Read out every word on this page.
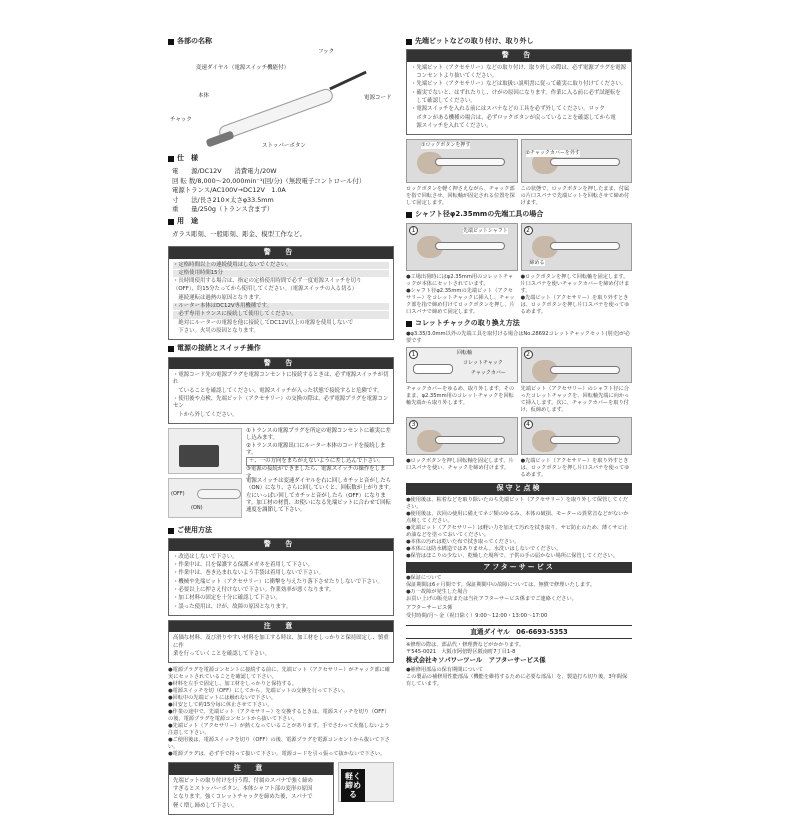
各部の名称
フック
変速ダイヤル（電源スイッチ機能付）
本体	電源コード
チャック
ストッパーボタン
仕　様
電　　源/DC12V　　消費電力/20W
回 転 数/8,000〜20,000min⁻¹(回/分)（無段電子コントロール付）
電源トランス/AC100V→DC12V　1.0A
寸　　法/長さ210×太さφ33.5mm
重　　量/250g（トランス含まず）
用　途
ガラス彫刻、一般彫刻、彫金、模型工作など。
警 告
・定格時間以上の連続使用はしないでください。
　定格使用時間15分
・長時間使用する場合は、指定の定格使用時間で必ず一度電源スイッチを切り
（OFF）、約15分たってから使用してください。（電源スイッチの入る切る）
　連続運転は過熱の原因となります。
・ルーター本体はDC12V専用機種です。
　必ず専用トランスに接続して使用してください。
　絶対にルーターの電源を他に接続してDC12V以上の電源を使用しないで
　下さい。火災の原因となります。
電源の接続とスイッチ操作
警 告
・電源コード先の電源プラグを電源コンセントに接続するときは、必ず電源スイッチが切れ
　ていることを確認してください。電源スイッチが入った状態で接続すると危険です。
・使用後や点検、先端ビット（アクセサリー）の交換の際は、必ず電源プラグを電源コンセン
　トから外してください。
①トランスの電源プラグを所定の電源コンセントに確実に差し込みます。
②トランスの電源出口にルーター本体のコードを接続します。
＋、一の方向をまちがえないように差し込んで下さい。
③電源の接続ができましたら、電源スイッチの操作をします。
(OFF)
(ON)
電源スイッチは変速ダイヤルを右に回しカチッと音がしたら（ON）になり、さらに回していくと、回転数が上がります。左にいっぱい回してカチッと音がしたら（OFF）になります。加工材の材質、お使いになる先端ビットに合わせて回転速度を調節して下さい。
ご使用方法
警 告
・改造はしないで下さい。
・作業中は、目を保護する保護メガネを着用して下さい。
・作業中は、巻き込まれないよう手袋は着用しないで下さい。
・機械や先端ビット（アクセサリー）に衝撃を与えたり落下させたりしないで下さい。
・必要以上に押さえ付けないで下さい。作業効率が悪くなります。
・加工材料の固定を十分に確認して下さい。
・誤った使用は、けが、故障の原因となります。
注 意
高価な材料、及び滑りやすい材料を加工する時は、加工材をしっかりと保持固定し、慎重に作
業を行っていくことを確認して下さい。
●電源プラグを電源コンセントに接続する前に、先端ビット（アクセサリー）がチャック部に確実にセットされていることを確認して下さい。
●材料を左手で固定し、加工材をしっかりと保持する。
●電源スイッチを切（OFF）にしてから、先端ビットの交換を行って下さい。
●回転中の先端ビットには触れないで下さい。
●目安として約15分毎に休止させて下さい。
●作業の途中で、先端ビット（アクセサリー）を交換するときは、電源スイッチを切り（OFF）の後、電源プラグを電源コンセントから抜いて下さい。
●先端ビット（アクセサリー）が熱くなっていることがあります。手でさわって火傷しないよう注意して下さい。
●ご使用後は、電源スイッチを切り（OFF）の後、電源プラグを電源コンセントから抜いて下さい。
●電源プラグは、必ず手で持って抜いて下さい。電源コードを引っ張って抜かないで下さい。
注 意
先端ビットの取り付けを行う際、付属のスパナで強く締め
すぎるとストッパーボタン、本体シャフト部の変形の原因
となります。強くコレットチャックを締めた後、スパナで
軽く増し締めして下さい。
軽く締める
先端ビットなどの取り付け、取り外し
警 告
・先端ビット（アクセサリー）などの取り付け、取り外しの際は、必ず電源プラグを電源
　コンセントより抜いてください。
・先端ビット（アクセサリー）などは取扱い説明書に従って確実に取り付けてください。
・確実でないと、はずれたりし、けがの原因になります。作業に入る前に必ず試運転を
　して確認してください。
・電源スイッチを入れる前にはスパナなどの工具を必ず外してください。ロック
　ボタンがある機種の場合は、必ずロックボタンが戻っていることを確認してから電
　源スイッチを入れてください。
①ロックボタンを押す
②チャックカバーを外す
ロックボタンを軽く押さえながら、チャック部を指で回転させ、回転軸が固定される位置を探して固定します。
この状態で、ロックボタンを押したまま、付属の片口スパナで先端ビットを回転させて締め付けます。
シャフト径φ2.35mmの先端工具の場合
1	先端ビットシャフト	2
締める
●工場出荷時にはφ2.35mm用のコレットチャックが本体にセットされています。
●シャフト径φ2.35mmの先端ビット（アクセサリー）をコレットチャックに挿入し、チャック部を指で締め付けてロックボタンを押し、片口スパナで締めて固定します。
●ロックボタンを押して回転軸を固定します。片口スパナを使いチャックカバーを締め付けます。
●先端ビット（アクセサリー）を取り外すときは、ロックボタンを押し片口スパナを使ってゆるめます。
コレットチャックの取り換え方法
●φ3.35/3.0mm以外の先端工具を取付ける場合はNo.28692コレットチャックセット(別売)が必要です
1	回転軸
コレットチャック
チャックカバー
2
チャックカバーをゆるめ、取り外します。そのまま、φ2.35mm用のコレットチャックを回転軸先端から取り外します。
先端ビット（アクセサリー）のシャフト径に合ったコレットチャックを、回転軸先端に向かって挿入します。次に、チャックカバーを取り付け、仮締めします。
3	4
●ロックボタンを押し回転軸を固定します。片口スパナを使い、チャックを締め付けます。
●先端ビット（アクセサリー）を取り外すときは、ロックボタンを押し片口スパナを使ってゆるめます。
保守と点検
●使用後は、粘着などを取り除いたのち先端ビット（アクセサリー）を取り外して保管してください。
●使用後は、次回の使用に備えてネジ類のゆるみ、本体の破損、モーターの異常音などがないか点検してください。
●先端ビット（アクセサリー）は軽い力を加えて汚れを拭き取り、サビ防止のため、薄くサビ止め油などを塗っておいてください。
●本体の汚れは乾いた布で拭き取ってください。
●本体には防水構造ではありません。水洗いはしないでください。
●保管はほこりの少ない、乾燥した場所で、子供の手の届かない場所に保管してください。
アフターサービス
●保証について
保証期間は6ヶ月間です。保証期間中の故障については、無償で修理いたします。
●万一故障が発生した場合
お買い上げの販売店または当社アフターサービス係までご連絡ください。
アフターサービス係
受付時間/月〜金（祝日除く）9:00〜12:00・13:00〜17:00
直通ダイヤル　06-6693-5353
※修理の際は、部品代・修理費などがかかります。
〒545-0021　大阪市阿倍野区阪南町7丁目1-8
株式会社キソパワーツール　アフターサービス係
●補修用部品の保有期間について
この製品の補修用性能部品（機能を維持するために必要な部品）を、製造打ち切り後、3年間保有しています。
